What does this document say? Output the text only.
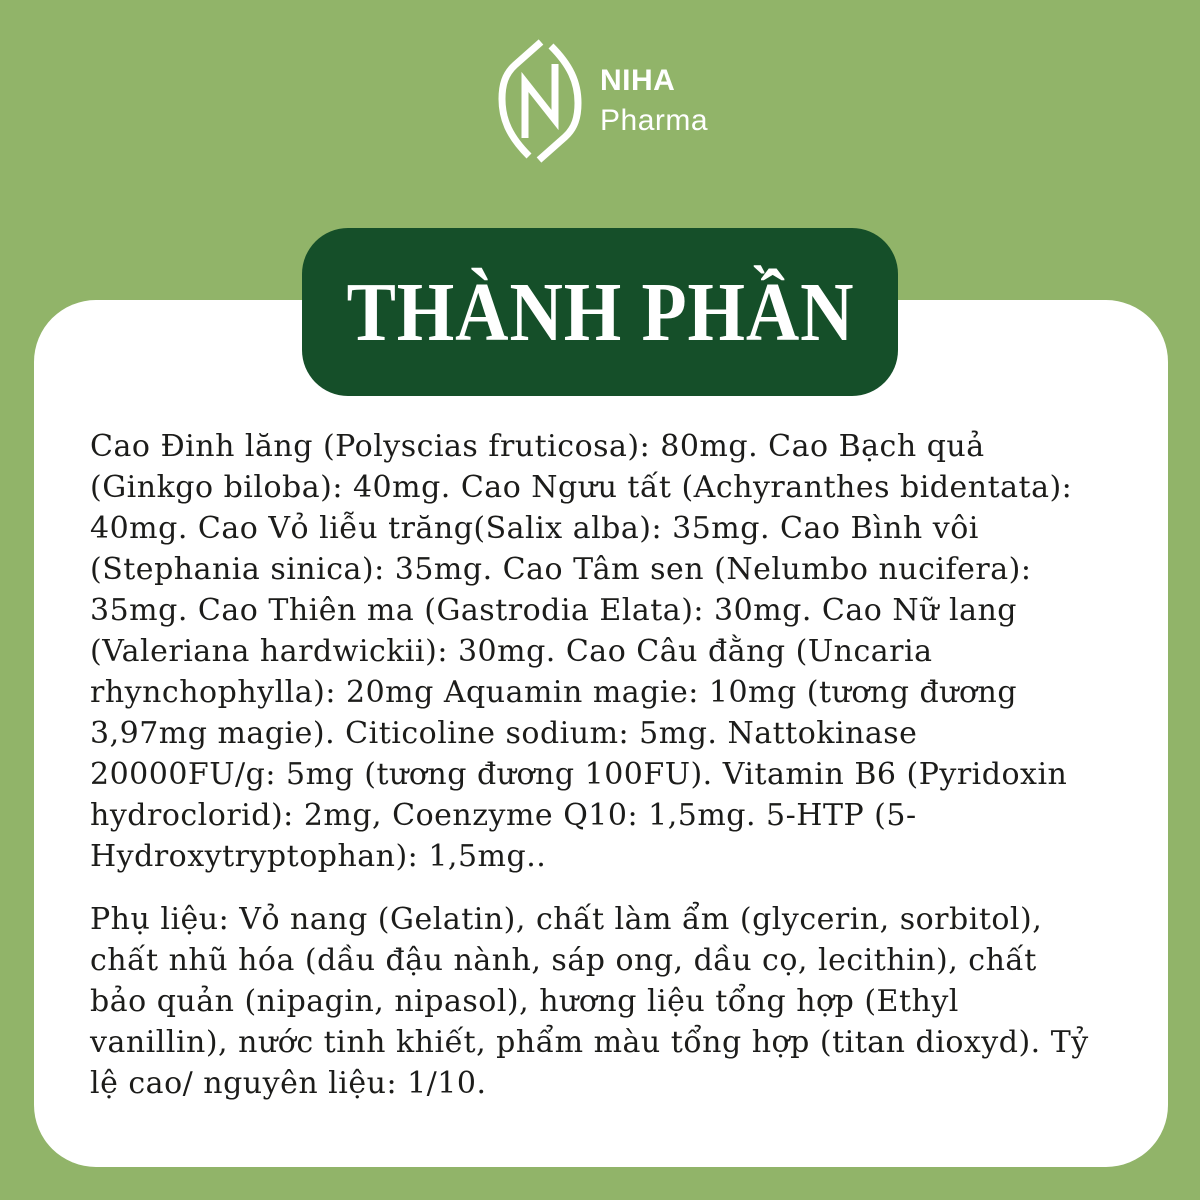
NIHA
Pharma
THÀNH PHẦN

Cao Đinh lăng (Polyscias fruticosa): 80mg. Cao Bạch quả (Ginkgo biloba): 40mg. Cao Ngưu tất (Achyranthes bidentata): 40mg. Cao Vỏ liễu trăng(Salix alba): 35mg. Cao Bình vôi (Stephania sinica): 35mg. Cao Tâm sen (Nelumbo nucifera): 35mg. Cao Thiên ma (Gastrodia Elata): 30mg. Cao Nữ lang (Valeriana hardwickii): 30mg. Cao Câu đằng (Uncaria rhynchophylla): 20mg Aquamin magie: 10mg (tương đương 3,97mg magie). Citicoline sodium: 5mg. Nattokinase 20000FU/g: 5mg (tương đương 100FU). Vitamin B6 (Pyridoxin hydroclorid): 2mg, Coenzyme Q10: 1,5mg. 5-HTP (5-Hydroxytryptophan): 1,5mg..

Phụ liệu: Vỏ nang (Gelatin), chất làm ẩm (glycerin, sorbitol), chất nhũ hóa (dầu đậu nành, sáp ong, dầu cọ, lecithin), chất bảo quản (nipagin, nipasol), hương liệu tổng hợp (Ethyl vanillin), nước tinh khiết, phẩm màu tổng hợp (titan dioxyd). Tỷ lệ cao/ nguyên liệu: 1/10.
